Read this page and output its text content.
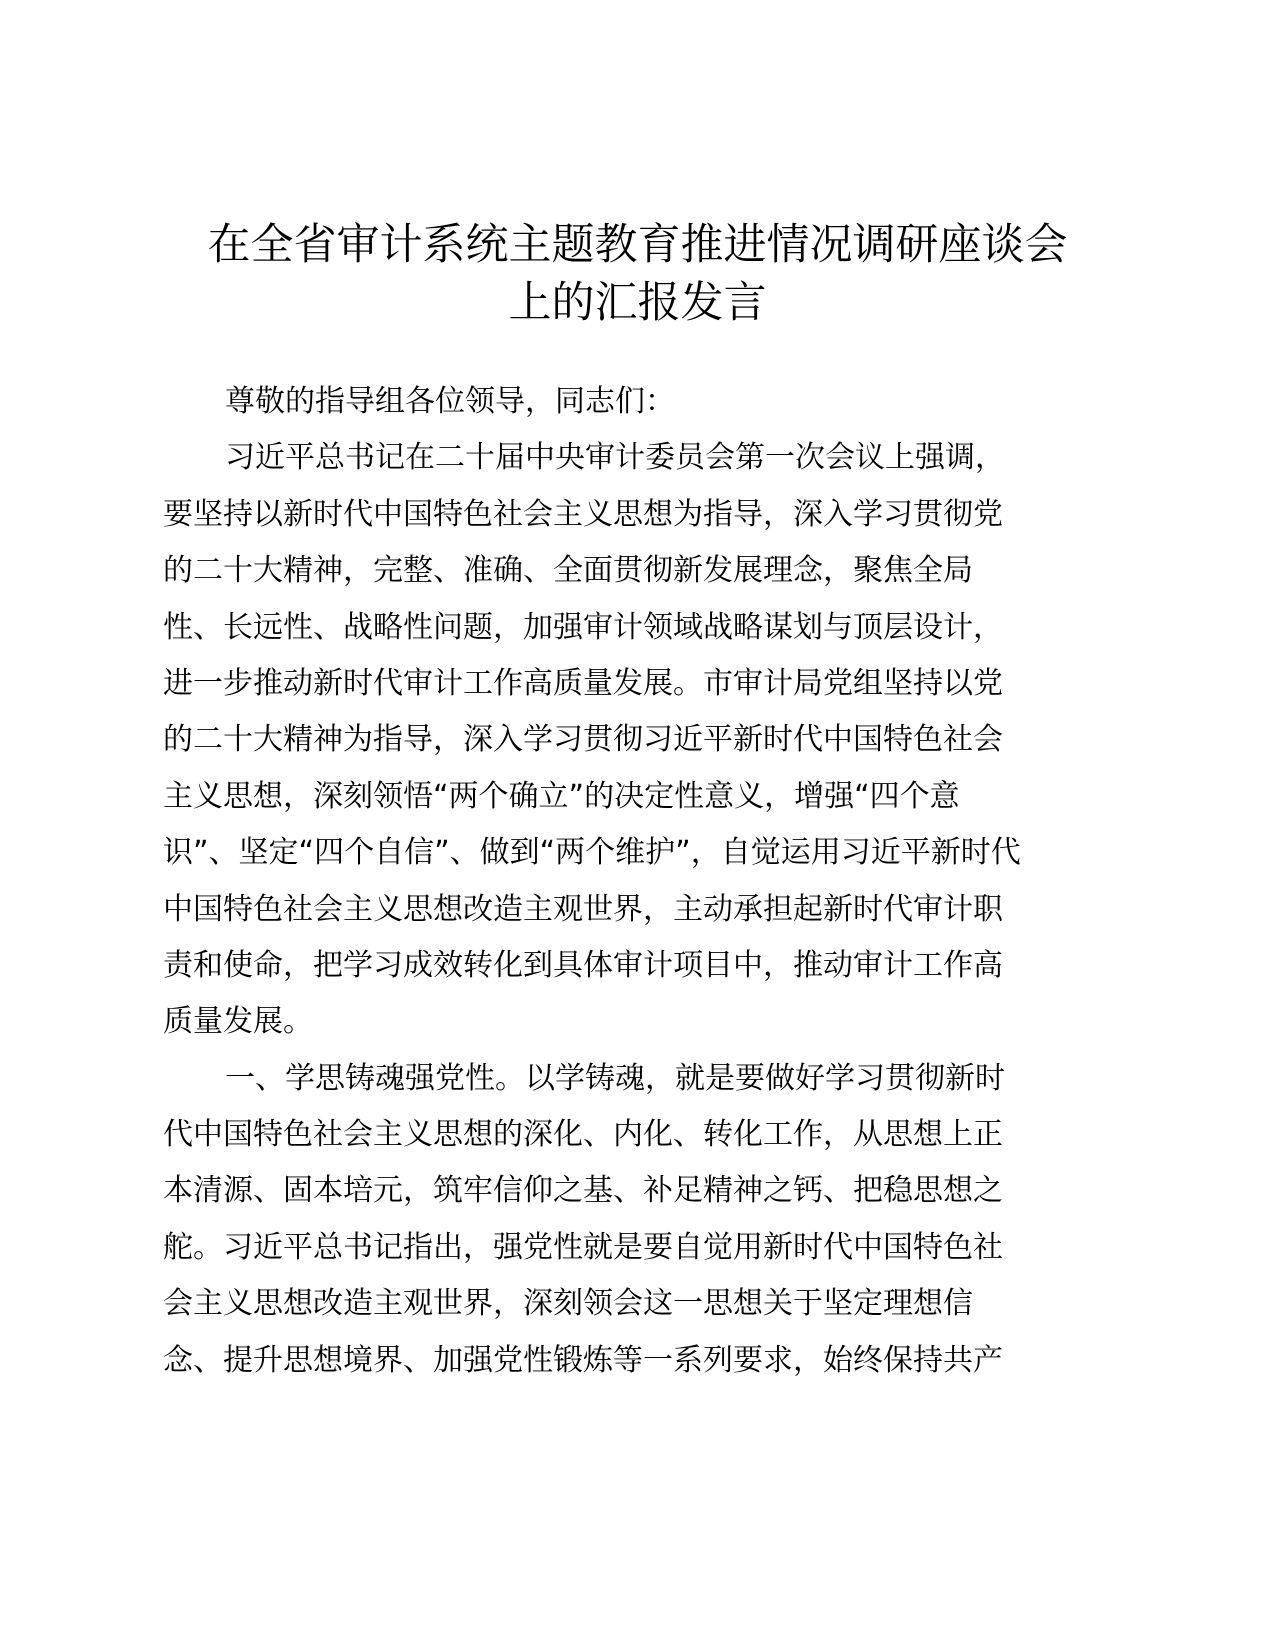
在全省审计系统主题教育推进情况调研座谈会
上的汇报发言
尊敬的指导组各位领导，同志们：
习近平总书记在二十届中央审计委员会第一次会议上强调，
要坚持以新时代中国特色社会主义思想为指导，深入学习贯彻党
的二十大精神，完整、准确、全面贯彻新发展理念，聚焦全局
性、长远性、战略性问题，加强审计领域战略谋划与顶层设计，
进一步推动新时代审计工作高质量发展。市审计局党组坚持以党
的二十大精神为指导，深入学习贯彻习近平新时代中国特色社会
主义思想，深刻领悟“两个确立”的决定性意义，增强“四个意
识”、坚定“四个自信”、做到“两个维护”，自觉运用习近平新时代
中国特色社会主义思想改造主观世界，主动承担起新时代审计职
责和使命，把学习成效转化到具体审计项目中，推动审计工作高
质量发展。
一、学思铸魂强党性。以学铸魂，就是要做好学习贯彻新时
代中国特色社会主义思想的深化、内化、转化工作，从思想上正
本清源、固本培元，筑牢信仰之基、补足精神之钙、把稳思想之
舵。习近平总书记指出，强党性就是要自觉用新时代中国特色社
会主义思想改造主观世界，深刻领会这一思想关于坚定理想信
念、提升思想境界、加强党性锻炼等一系列要求，始终保持共产
